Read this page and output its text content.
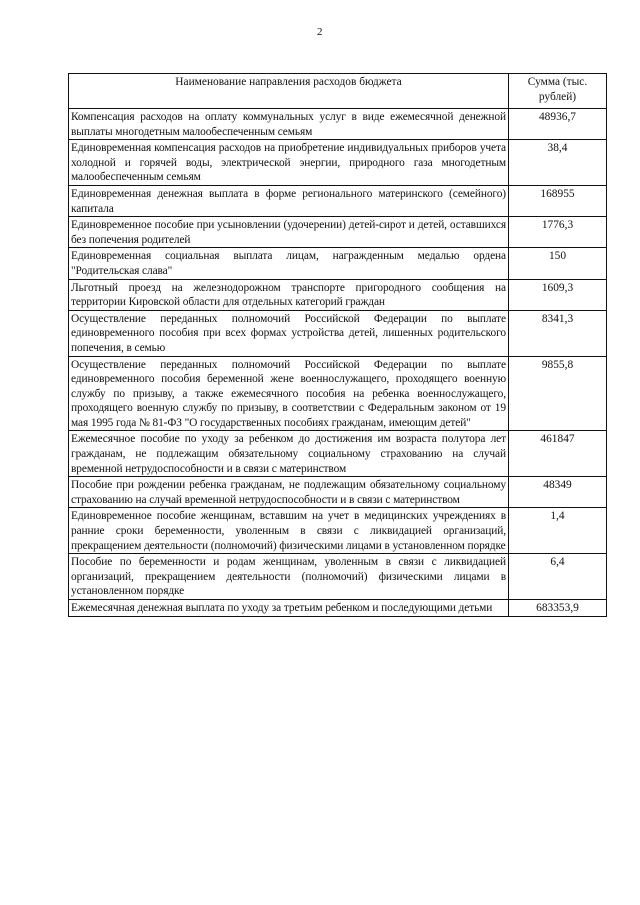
2
Наименование направления расходов бюджета	Сумма (тыс. рублей)
Компенсация расходов на оплату коммунальных услуг в виде ежемесячной денежной выплаты многодетным малообеспеченным семьям	48936,7
Единовременная компенсация расходов на приобретение индивидуальных приборов учета холодной и горячей воды, электрической энергии, природного газа многодетным малообеспеченным семьям	38,4
Единовременная денежная выплата в форме регионального материнского (семейного) капитала	168955
Единовременное пособие при усыновлении (удочерении) детей-сирот и детей, оставшихся без попечения родителей	1776,3
Единовременная социальная выплата лицам, награжденным медалью ордена "Родительская слава"	150
Льготный проезд на железнодорожном транспорте пригородного сообщения на территории Кировской области для отдельных категорий граждан	1609,3
Осуществление переданных полномочий Российской Федерации по выплате единовременного пособия при всех формах устройства детей, лишенных родительского попечения, в семью	8341,3
Осуществление переданных полномочий Российской Федерации по выплате единовременного пособия беременной жене военнослужащего, проходящего военную службу по призыву, а также ежемесячного пособия на ребенка военнослужащего, проходящего военную службу по призыву, в соответствии с Федеральным законом от 19 мая 1995 года № 81-ФЗ "О государственных пособиях гражданам, имеющим детей"	9855,8
Ежемесячное пособие по уходу за ребенком до достижения им возраста полутора лет гражданам, не подлежащим обязательному социальному страхованию на случай временной нетрудоспособности и в связи с материнством	461847
Пособие при рождении ребенка гражданам, не подлежащим обязательному социальному страхованию на случай временной нетрудоспособности и в связи с материнством	48349
Единовременное пособие женщинам, вставшим на учет в медицинских учреждениях в ранние сроки беременности, уволенным в связи с ликвидацией организаций, прекращением деятельности (полномочий) физическими лицами в установленном порядке	1,4
Пособие по беременности и родам женщинам, уволенным в связи с ликвидацией организаций, прекращением деятельности (полномочий) физическими лицами в установленном порядке	6,4
Ежемесячная денежная выплата по уходу за третьим ребенком и последующими детьми	683353,9
